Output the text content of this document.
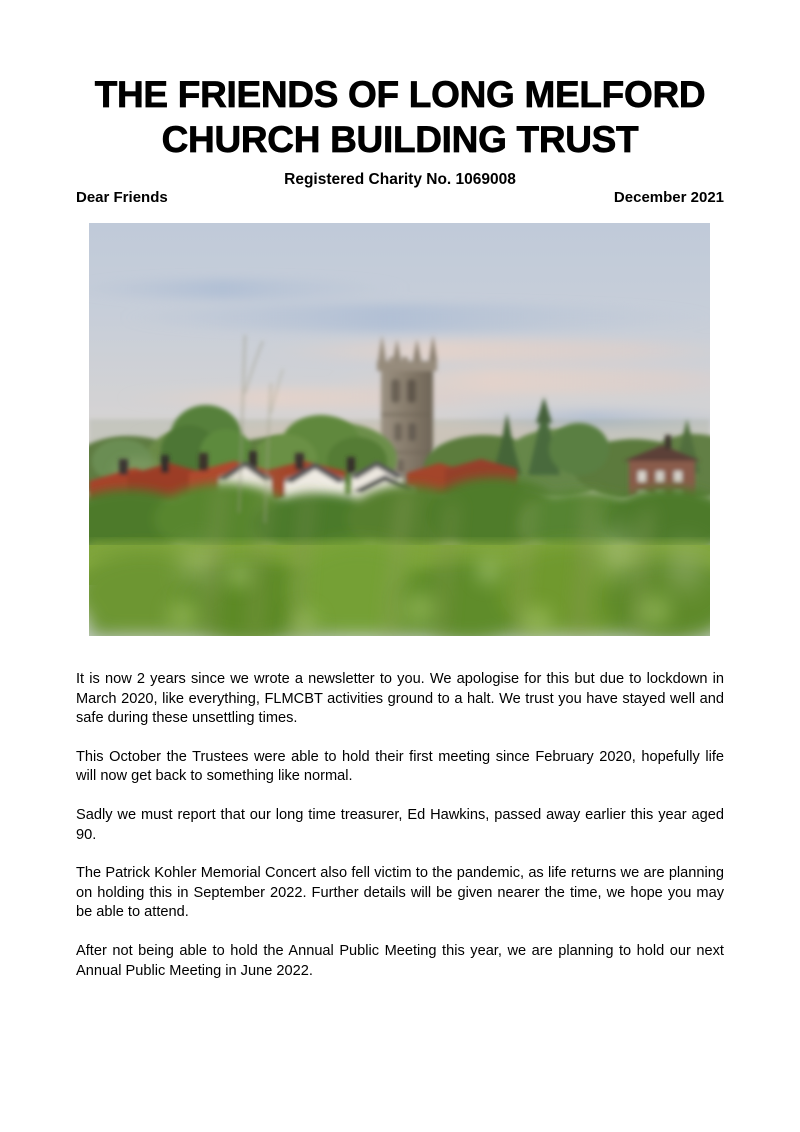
THE FRIENDS OF LONG MELFORD
CHURCH BUILDING TRUST
Registered Charity No. 1069008
Dear Friends	December 2021

It is now 2 years since we wrote a newsletter to you. We apologise for this but due to lockdown in March 2020, like everything, FLMCBT activities ground to a halt. We trust you have stayed well and safe during these unsettling times.

This October the Trustees were able to hold their first meeting since February 2020, hopefully life will now get back to something like normal.

Sadly we must report that our long time treasurer, Ed Hawkins, passed away earlier this year aged 90.

The Patrick Kohler Memorial Concert also fell victim to the pandemic, as life returns we are planning on holding this in September 2022. Further details will be given nearer the time, we hope you may be able to attend.

After not being able to hold the Annual Public Meeting this year, we are planning to hold our next Annual Public Meeting in June 2022.
